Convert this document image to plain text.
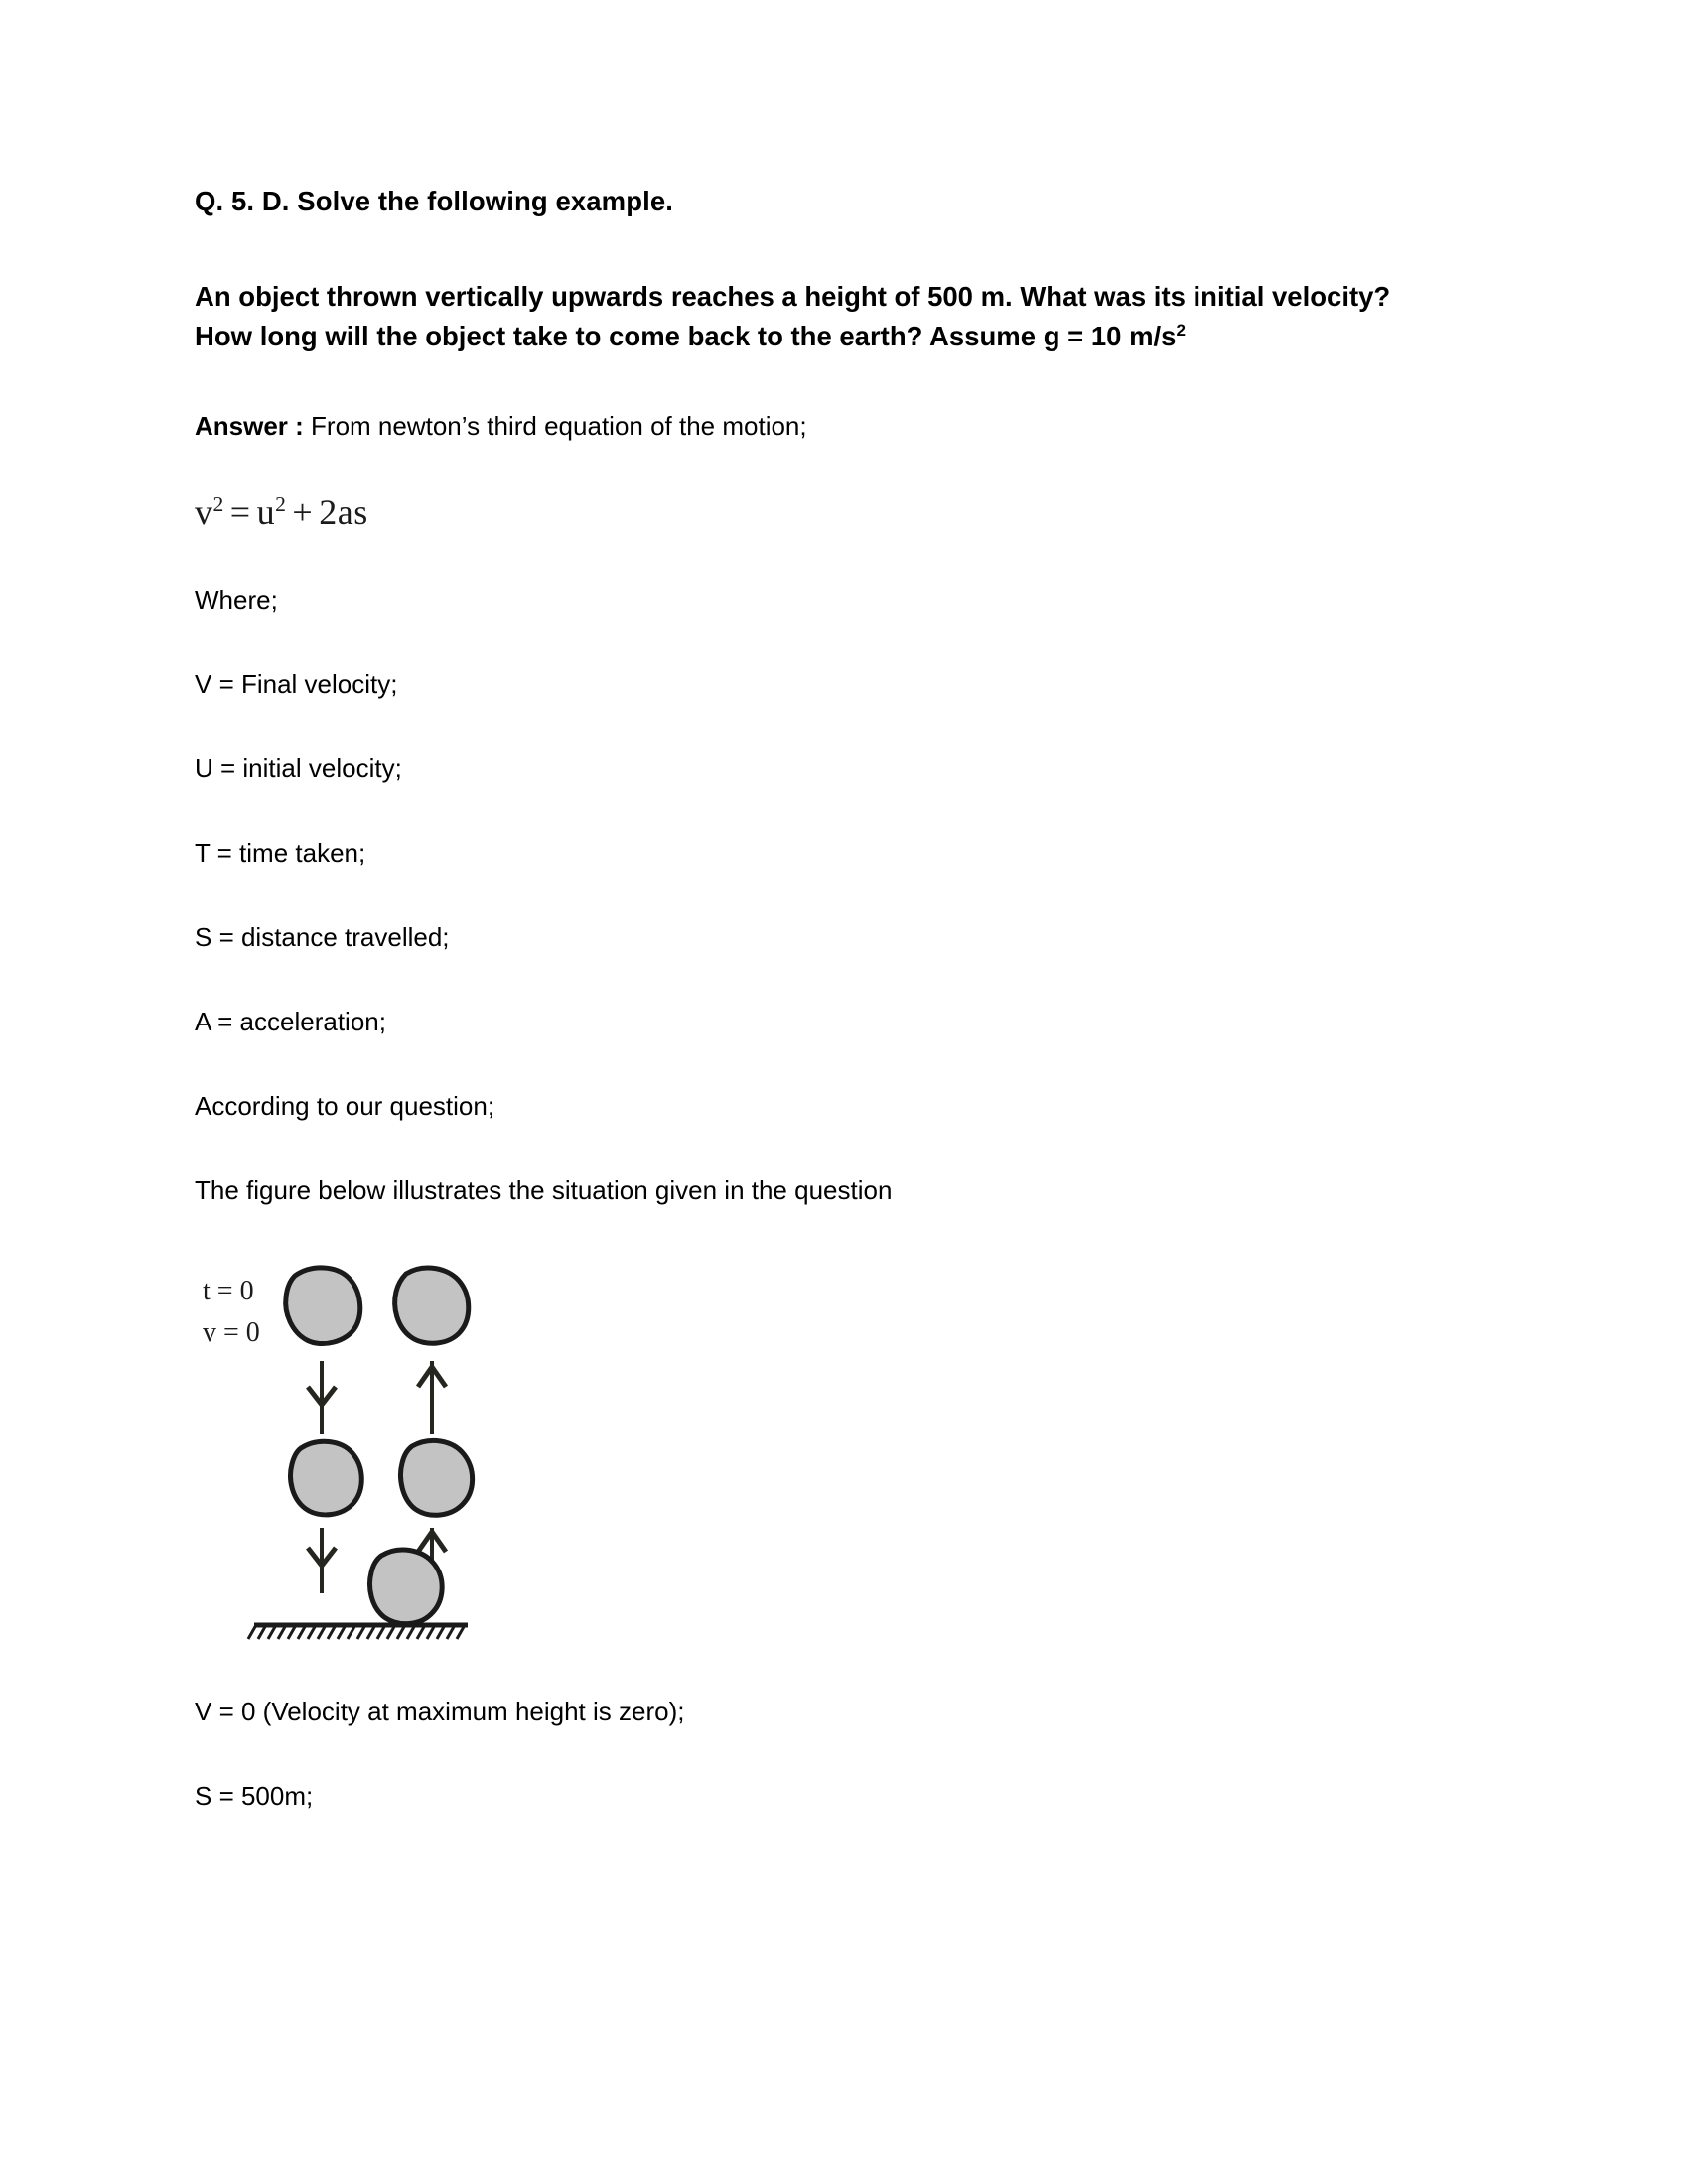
Q. 5. D. Solve the following example.

An object thrown vertically upwards reaches a height of 500 m. What was its initial velocity? How long will the object take to come back to the earth? Assume g = 10 $m/s^2$

Answer : From newton’s third equation of the motion;

$v^2 = u^2 + 2as$

Where;

V = Final velocity;

U = initial velocity;

T = time taken;

S = distance travelled;

A = acceleration;

According to our question;

The figure below illustrates the situation given in the question

t = 0
v = 0

V = 0 (Velocity at maximum height is zero);

S = 500m;
